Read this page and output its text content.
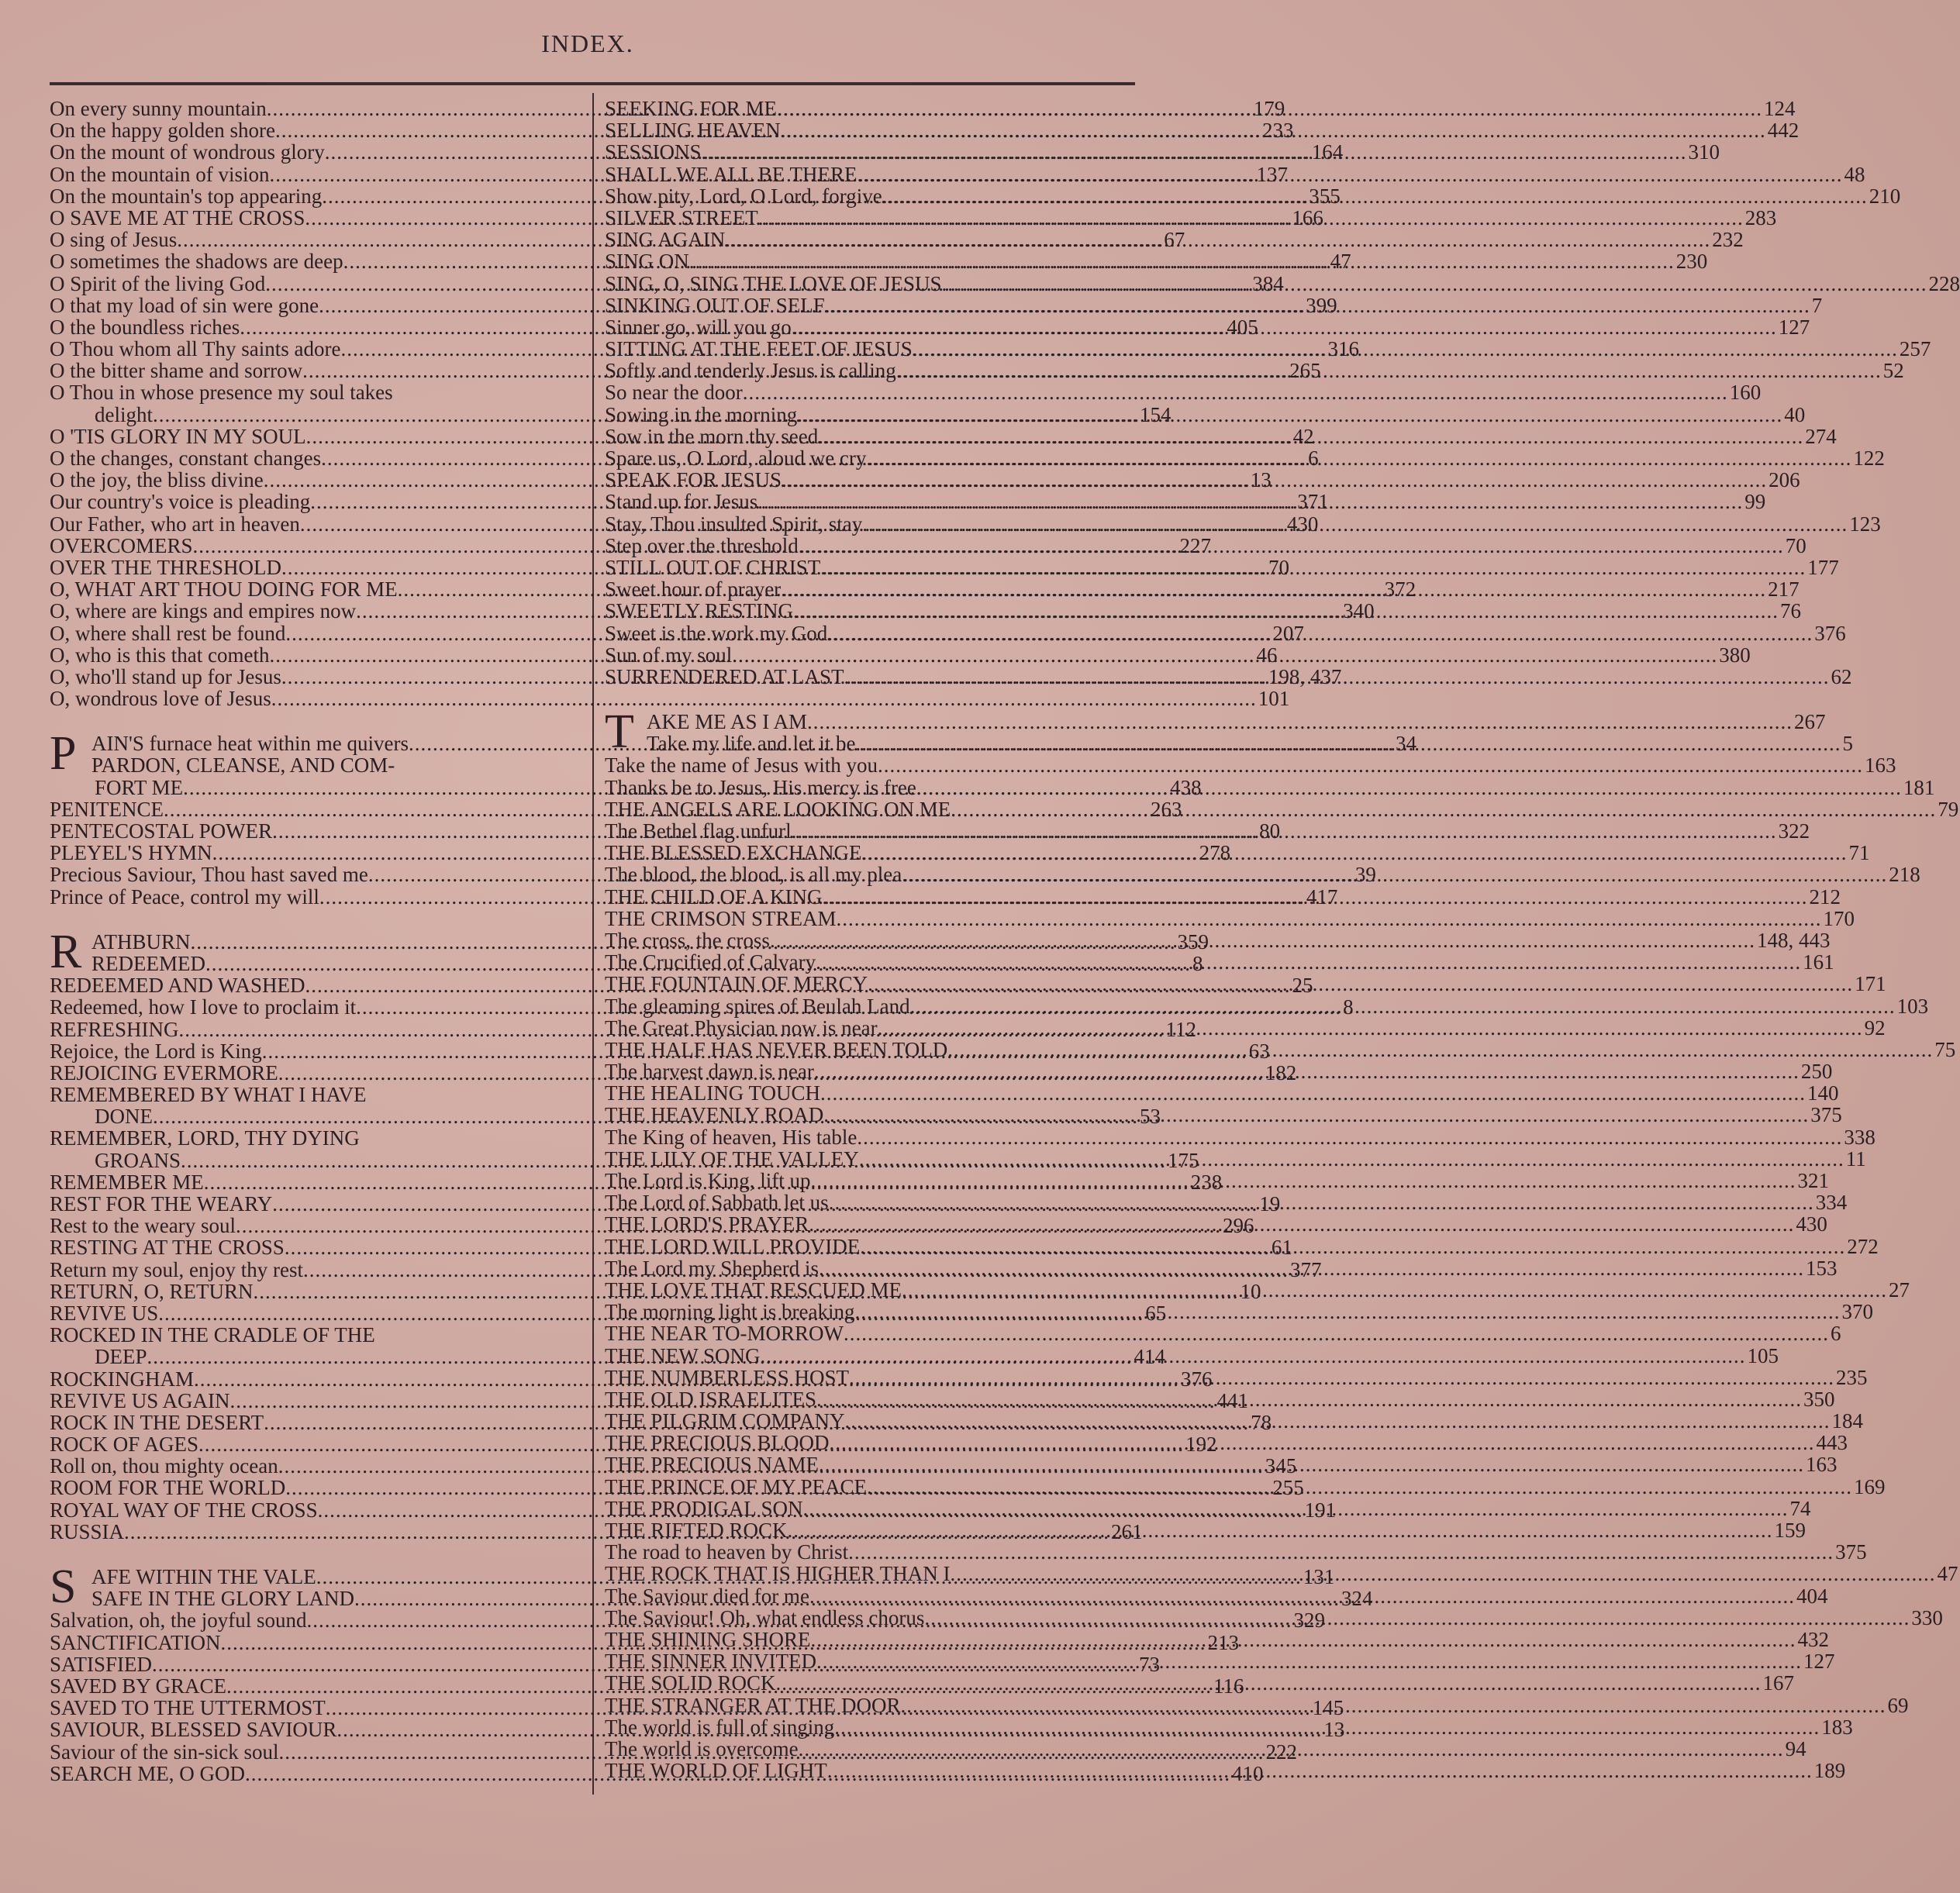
INDEX.
On every sunny mountain .....	179
On the happy golden shore .....	233
On the mount of wondrous glory .....	164
On the mountain of vision .....	137
On the mountain's top appearing .....	355
O SAVE ME AT THE CROSS .....	166
O sing of Jesus .....	67
O sometimes the shadows are deep .....	47
O Spirit of the living God .....	384
O that my load of sin were gone .....	399
O the boundless riches .....	405
O Thou whom all Thy saints adore .....	316
O the bitter shame and sorrow .....	265
O Thou in whose presence my soul takes
delight .....	154
O 'TIS GLORY IN MY SOUL .....	42
O the changes, constant changes .....	6
O the joy, the bliss divine .....	13
Our country's voice is pleading .....	371
Our Father, who art in heaven .....	430
OVERCOMERS .....	227
OVER THE THRESHOLD .....	70
O, WHAT ART THOU DOING FOR ME .....	372
O, where are kings and empires now .....	340
O, where shall rest be found .....	207
O, who is this that cometh .....	46
O, who'll stand up for Jesus .....	198, 437
O, wondrous love of Jesus .....	101
P AIN'S furnace heat within me quivers .....	34
PARDON, CLEANSE, AND COM-
FORT ME .....	438
PENITENCE .....	263
PENTECOSTAL POWER .....	80
PLEYEL'S HYMN .....	278
Precious Saviour, Thou hast saved me .....	39
Prince of Peace, control my will .....	417
R ATHBURN .....	359
REDEEMED .....	8
REDEEMED AND WASHED .....	25
Redeemed, how I love to proclaim it .....	8
REFRESHING .....	112
Rejoice, the Lord is King .....	63
REJOICING EVERMORE .....	182
REMEMBERED BY WHAT I HAVE
DONE .....	53
REMEMBER, LORD, THY DYING
GROANS .....	175
REMEMBER ME .....	238
REST FOR THE WEARY .....	19
Rest to the weary soul .....	296
RESTING AT THE CROSS .....	61
Return my soul, enjoy thy rest .....	377
RETURN, O, RETURN .....	10
REVIVE US .....	65
ROCKED IN THE CRADLE OF THE
DEEP .....	414
ROCKINGHAM .....	376
REVIVE US AGAIN .....	441
ROCK IN THE DESERT .....	78
ROCK OF AGES .....	192
Roll on, thou mighty ocean .....	345
ROOM FOR THE WORLD .....	255
ROYAL WAY OF THE CROSS .....	191
RUSSIA .....	261
S AFE WITHIN THE VALE .....	131
SAFE IN THE GLORY LAND .....	324
Salvation, oh, the joyful sound .....	329
SANCTIFICATION .....	213
SATISFIED .....	73
SAVED BY GRACE .....	116
SAVED TO THE UTTERMOST .....	145
SAVIOUR, BLESSED SAVIOUR .....	13
Saviour of the sin-sick soul .....	222
SEARCH ME, O GOD .....	410
SEEKING FOR ME .....	124
SELLING HEAVEN .....	442
SESSIONS .....	310
SHALL WE ALL BE THERE .....	48
Show pity, Lord, O Lord, forgive .....	210
SILVER STREET .....	283
SING AGAIN .....	232
SING ON .....	230
SING, O, SING THE LOVE OF JESUS .....	228
SINKING OUT OF SELF .....	7
Sinner go, will you go .....	127
SITTING AT THE FEET OF JESUS .....	257
Softly and tenderly Jesus is calling .....	52
So near the door .....	160
Sowing in the morning .....	40
Sow in the morn thy seed .....	274
Spare us, O Lord, aloud we cry .....	122
SPEAK FOR JESUS .....	206
Stand up for Jesus .....	99
Stay, Thou insulted Spirit, stay .....	123
Step over the threshold .....	70
STILL OUT OF CHRIST .....	177
Sweet hour of prayer .....	217
SWEETLY RESTING .....	76
Sweet is the work my God .....	376
Sun of my soul .....	380
SURRENDERED AT LAST .....	62
T AKE ME AS I AM .....	267
Take my life and let it be .....	5
Take the name of Jesus with you .....	163
Thanks be to Jesus, His mercy is free .....	181
THE ANGELS ARE LOOKING ON ME .....	79
The Bethel flag unfurl .....	322
THE BLESSED EXCHANGE .....	71
The blood, the blood, is all my plea .....	218
THE CHILD OF A KING .....	212
THE CRIMSON STREAM .....	170
The cross, the cross .....	148, 443
The Crucified of Calvary .....	161
THE FOUNTAIN OF MERCY .....	171
The gleaming spires of Beulah Land .....	103
The Great Physician now is near .....	92
THE HALF HAS NEVER BEEN TOLD .....	75
The harvest dawn is near .....	250
THE HEALING TOUCH .....	140
THE HEAVENLY ROAD .....	375
The King of heaven, His table .....	338
THE LILY OF THE VALLEY .....	11
The Lord is King, lift up .....	321
The Lord of Sabbath let us .....	334
THE LORD'S PRAYER .....	430
THE LORD WILL PROVIDE .....	272
The Lord my Shepherd is .....	153
THE LOVE THAT RESCUED ME .....	27
The morning light is breaking .....	370
THE NEAR TO-MORROW .....	6
THE NEW SONG .....	105
THE NUMBERLESS HOST .....	235
THE OLD ISRAELITES .....	350
THE PILGRIM COMPANY .....	184
THE PRECIOUS BLOOD .....	443
THE PRECIOUS NAME .....	163
THE PRINCE OF MY PEACE .....	169
THE PRODIGAL SON .....	74
THE RIFTED ROCK .....	159
The road to heaven by Christ .....	375
THE ROCK THAT IS HIGHER THAN I .....	47
The Saviour died for me .....	404
The Saviour! Oh, what endless chorus .....	330
THE SHINING SHORE .....	432
THE SINNER INVITED .....	127
THE SOLID ROCK .....	167
THE STRANGER AT THE DOOR .....	69
The world is full of singing .....	183
The world is overcome .....	94
THE WORLD OF LIGHT .....	189
